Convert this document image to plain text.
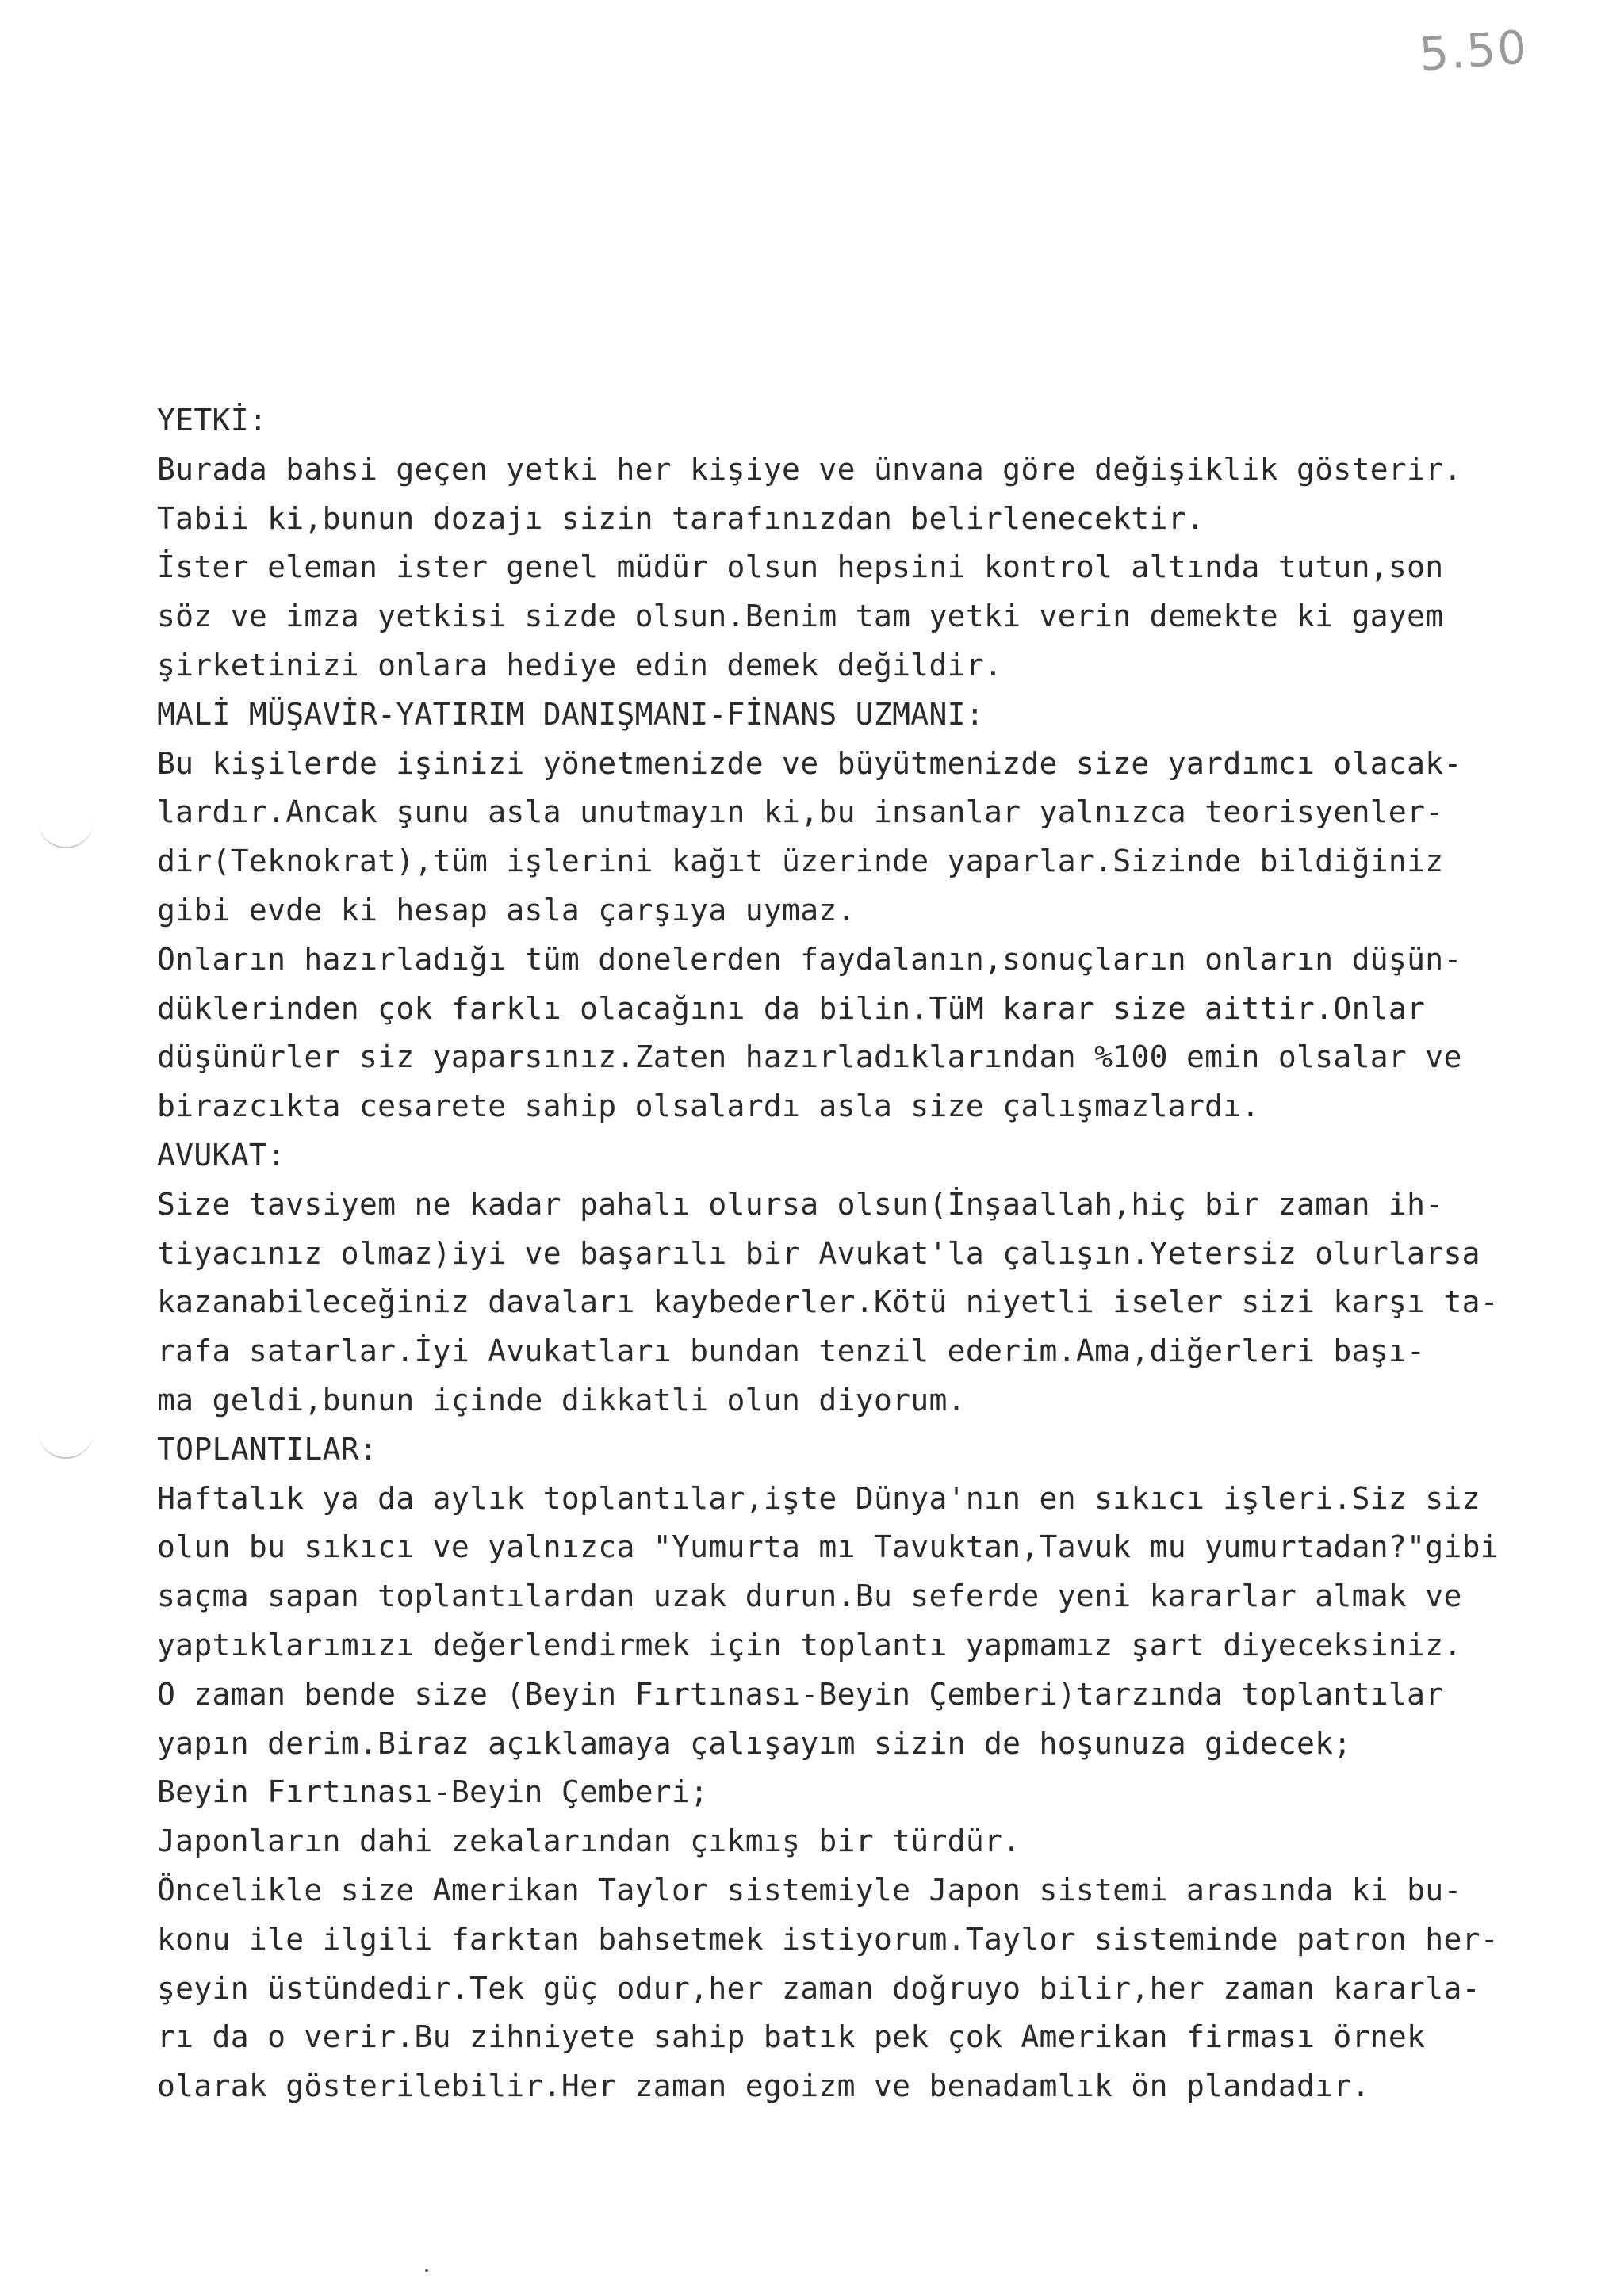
5.50
YETKİ:
Burada bahsi geçen yetki her kişiye ve ünvana göre değişiklik gösterir.
Tabii ki,bunun dozajı sizin tarafınızdan belirlenecektir.
İster eleman ister genel müdür olsun hepsini kontrol altında tutun,son
söz ve imza yetkisi sizde olsun.Benim tam yetki verin demekte ki gayem
şirketinizi onlara hediye edin demek değildir.
MALİ MÜŞAVİR-YATIRIM DANIŞMANI-FİNANS UZMANI:
Bu kişilerde işinizi yönetmenizde ve büyütmenizde size yardımcı olacak-
lardır.Ancak şunu asla unutmayın ki,bu insanlar yalnızca teorisyenler-
dir(Teknokrat),tüm işlerini kağıt üzerinde yaparlar.Sizinde bildiğiniz
gibi evde ki hesap asla çarşıya uymaz.
Onların hazırladığı tüm donelerden faydalanın,sonuçların onların düşün-
düklerinden çok farklı olacağını da bilin.TüM karar size aittir.Onlar
düşünürler siz yaparsınız.Zaten hazırladıklarından %100 emin olsalar ve
birazcıkta cesarete sahip olsalardı asla size çalışmazlardı.
AVUKAT:
Size tavsiyem ne kadar pahalı olursa olsun(İnşaallah,hiç bir zaman ih-
tiyacınız olmaz)iyi ve başarılı bir Avukat'la çalışın.Yetersiz olurlarsa
kazanabileceğiniz davaları kaybederler.Kötü niyetli iseler sizi karşı ta-
rafa satarlar.İyi Avukatları bundan tenzil ederim.Ama,diğerleri başı-
ma geldi,bunun içinde dikkatli olun diyorum.
TOPLANTILAR:
Haftalık ya da aylık toplantılar,işte Dünya'nın en sıkıcı işleri.Siz siz
olun bu sıkıcı ve yalnızca "Yumurta mı Tavuktan,Tavuk mu yumurtadan?"gibi
saçma sapan toplantılardan uzak durun.Bu seferde yeni kararlar almak ve
yaptıklarımızı değerlendirmek için toplantı yapmamız şart diyeceksiniz.
O zaman bende size (Beyin Fırtınası-Beyin Çemberi)tarzında toplantılar
yapın derim.Biraz açıklamaya çalışayım sizin de hoşunuza gidecek;
Beyin Fırtınası-Beyin Çemberi;
Japonların dahi zekalarından çıkmış bir türdür.
Öncelikle size Amerikan Taylor sistemiyle Japon sistemi arasında ki bu-
konu ile ilgili farktan bahsetmek istiyorum.Taylor sisteminde patron her-
şeyin üstündedir.Tek güç odur,her zaman doğruyo bilir,her zaman kararla-
rı da o verir.Bu zihniyete sahip batık pek çok Amerikan firması örnek
olarak gösterilebilir.Her zaman egoizm ve benadamlık ön plandadır.
